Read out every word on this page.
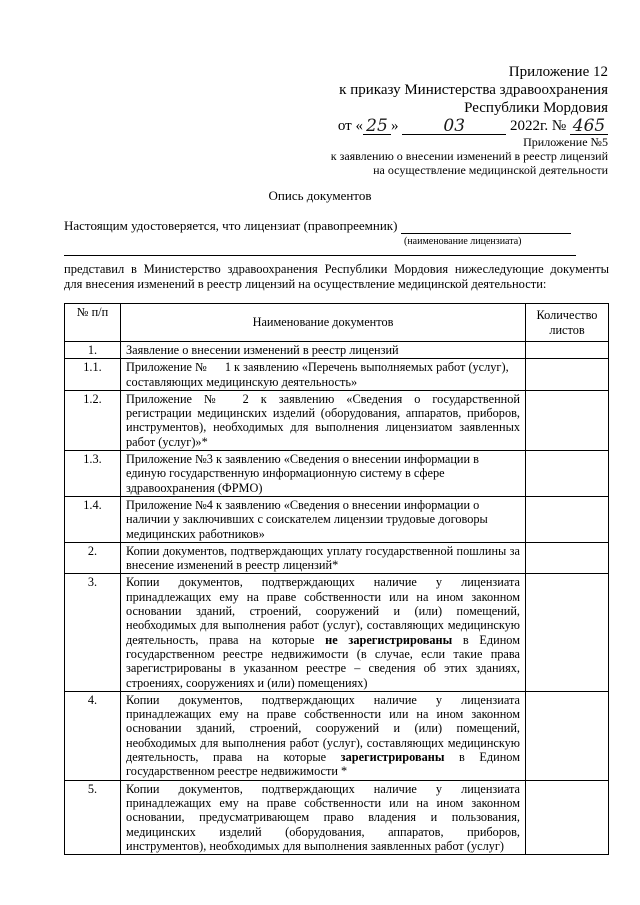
Приложение 12
к приказу Министерства здравоохранения
Республики Мордовия
от « 25 »	03	2022г. № 465
Приложение №5
к заявлению о внесении изменений в реестр лицензий
на осуществление медицинской деятельности
Опись документов
Настоящим удостоверяется, что лицензиат (правопреемник)
(наименование лицензиата)
представил в Министерство здравоохранения Республики Мордовия нижеследующие документы
для внесения изменений в реестр лицензий на осуществление медицинской деятельности:
№ п/п	Наименование документов	Количество листов
1.	Заявление о внесении изменений в реестр лицензий	
1.1.	Приложение № 1 к заявлению «Перечень выполняемых работ (услуг), составляющих медицинскую деятельность»	
1.2.	Приложение № 2 к заявлению «Сведения о государственной регистрации медицинских изделий (оборудования, аппаратов, приборов, инструментов), необходимых для выполнения лицензиатом заявленных работ (услуг)»*	
1.3.	Приложение №3 к заявлению «Сведения о внесении информации в единую государственную информационную систему в сфере здравоохранения (ФРМО)	
1.4.	Приложение №4 к заявлению «Сведения о внесении информации о наличии у заключивших с соискателем лицензии трудовые договоры медицинских работников»	
2.	Копии документов, подтверждающих уплату государственной пошлины за внесение изменений в реестр лицензий*	
3.	Копии документов, подтверждающих наличие у лицензиата принадлежащих ему на праве собственности или на ином законном основании зданий, строений, сооружений и (или) помещений, необходимых для выполнения работ (услуг), составляющих медицинскую деятельность, права на которые не зарегистрированы в Едином государственном реестре недвижимости (в случае, если такие права зарегистрированы в указанном реестре – сведения об этих зданиях, строениях, сооружениях и (или) помещениях)	
4.	Копии документов, подтверждающих наличие у лицензиата принадлежащих ему на праве собственности или на ином законном основании зданий, строений, сооружений и (или) помещений, необходимых для выполнения работ (услуг), составляющих медицинскую деятельность, права на которые зарегистрированы в Едином государственном реестре недвижимости *	
5.	Копии документов, подтверждающих наличие у лицензиата принадлежащих ему на праве собственности или на ином законном основании, предусматривающем право владения и пользования, медицинских изделий (оборудования, аппаратов, приборов, инструментов), необходимых для выполнения заявленных работ (услуг)	
